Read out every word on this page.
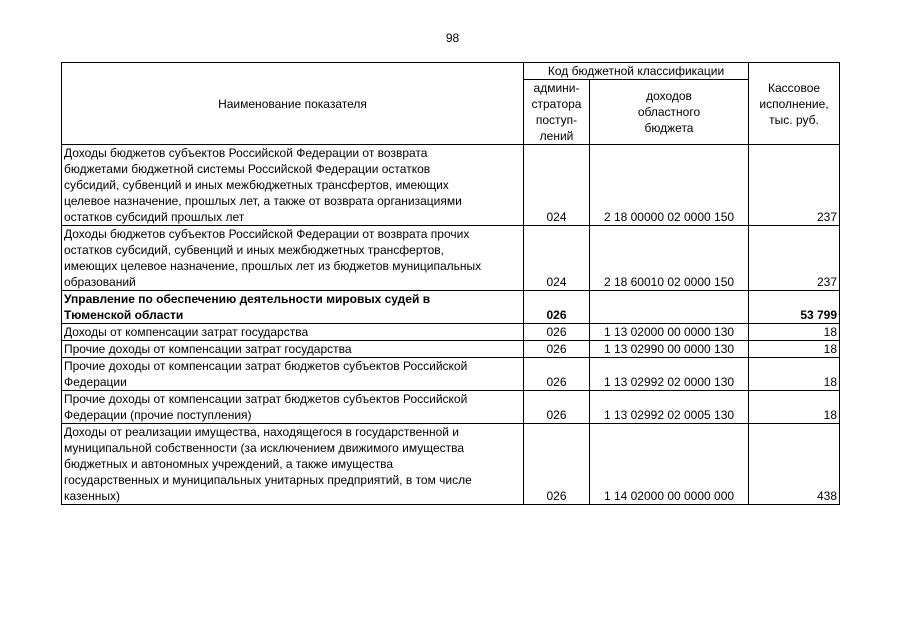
98
Наименование показателя	Код бюджетной классификации		Кассовое
исполнение,
тыс. руб.
	админи-
стратора
поступ-
лений	доходов
областного
бюджета	
Доходы бюджетов субъектов Российской Федерации от возврата
бюджетами бюджетной системы Российской Федерации остатков
субсидий, субвенций и иных межбюджетных трансфертов, имеющих
целевое назначение, прошлых лет, а также от возврата организациями
остатков субсидий прошлых лет	024	2 18 00000 02 0000 150	237
Доходы бюджетов субъектов Российской Федерации от возврата прочих
остатков субсидий, субвенций и иных межбюджетных трансфертов,
имеющих целевое назначение, прошлых лет из бюджетов муниципальных
образований	024	2 18 60010 02 0000 150	237
Управление по обеспечению деятельности мировых судей в
Тюменской области	026		53 799
Доходы от компенсации затрат государства	026	1 13 02000 00 0000 130	18
Прочие доходы от компенсации затрат государства	026	1 13 02990 00 0000 130	18
Прочие доходы от компенсации затрат бюджетов субъектов Российской
Федерации	026	1 13 02992 02 0000 130	18
Прочие доходы от компенсации затрат бюджетов субъектов Российской
Федерации (прочие поступления)	026	1 13 02992 02 0005 130	18
Доходы от реализации имущества, находящегося в государственной и
муниципальной собственности (за исключением движимого имущества
бюджетных и автономных учреждений, а также имущества
государственных и муниципальных унитарных предприятий, в том числе
казенных)	026	1 14 02000 00 0000 000	438
